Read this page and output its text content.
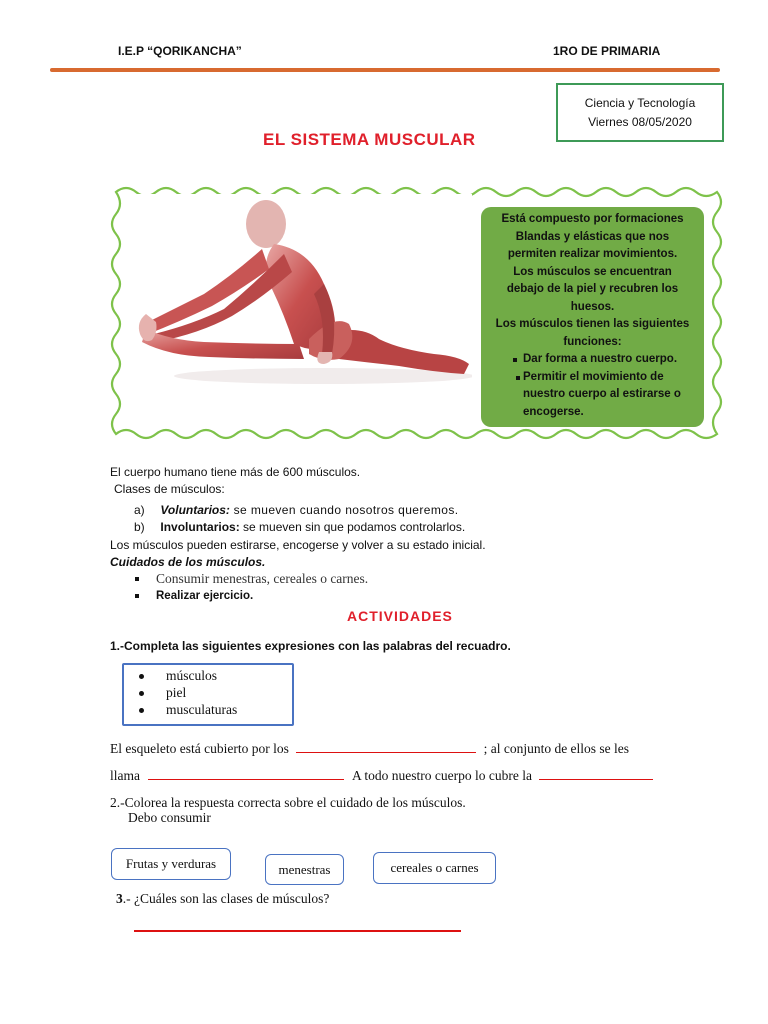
I.E.P “QORIKANCHA”	1RO DE PRIMARIA
Ciencia y Tecnología
Viernes 08/05/2020
EL SISTEMA MUSCULAR
Está compuesto por formaciones
Blandas y elásticas que nos
permiten realizar movimientos.
Los músculos se encuentran
debajo de la piel y recubren los
huesos.
Los músculos tienen las siguientes
funciones:
Dar forma a nuestro cuerpo.
Permitir el movimiento de
nuestro cuerpo al estirarse o
encogerse.
El cuerpo humano tiene más de 600 músculos.
Clases de músculos:
a) Voluntarios: se mueven cuando nosotros queremos.
b) Involuntarios: se mueven sin que podamos controlarlos.
Los músculos pueden estirarse, encogerse y volver a su estado inicial.
Cuidados de los músculos.
Consumir menestras, cereales o carnes.
Realizar ejercicio.
ACTIVIDADES
1.-Completa las siguientes expresiones con las palabras del recuadro.
músculos
piel
musculaturas
El esqueleto está cubierto por los	; al conjunto de ellos se les
llama	A todo nuestro cuerpo lo cubre la
2.-Colorea la respuesta correcta sobre el cuidado de los músculos.
Debo consumir
Frutas y verduras	menestras	cereales o carnes
3.- ¿Cuáles son las clases de músculos?
